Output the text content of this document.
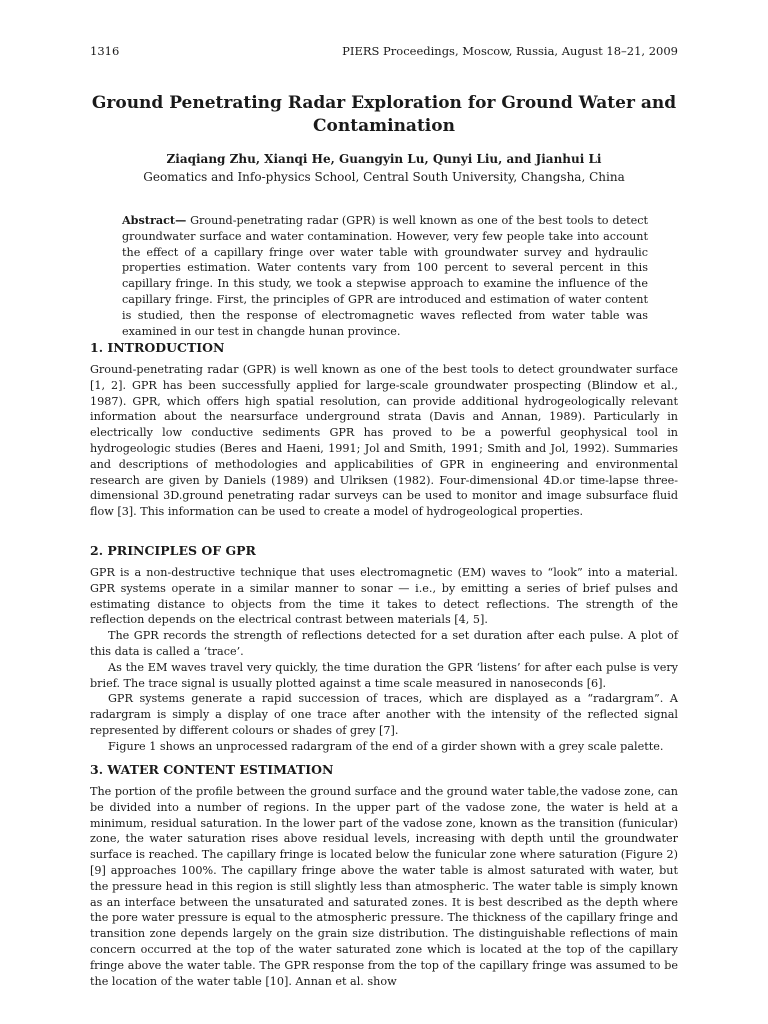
1316	PIERS Proceedings, Moscow, Russia, August 18–21, 2009
Ground Penetrating Radar Exploration for Ground Water and Contamination
Ziaqiang Zhu, Xianqi He, Guangyin Lu, Qunyi Liu, and Jianhui Li
Geomatics and Info-physics School, Central South University, Changsha, China

Abstract— Ground-penetrating radar (GPR) is well known as one of the best tools to detect groundwater surface and water contamination. However, very few people take into account the effect of a capillary fringe over water table with groundwater survey and hydraulic properties estimation. Water contents vary from 100 percent to several percent in this capillary fringe. In this study, we took a stepwise approach to examine the influence of the capillary fringe. First, the principles of GPR are introduced and estimation of water content is studied, then the response of electromagnetic waves reflected from water table was examined in our test in changde hunan province.

1. INTRODUCTION

Ground-penetrating radar (GPR) is well known as one of the best tools to detect groundwater surface [1, 2]. GPR has been successfully applied for large-scale groundwater prospecting (Blindow et al., 1987). GPR, which offers high spatial resolution, can provide additional hydrogeologically relevant information about the nearsurface underground strata (Davis and Annan, 1989). Particularly in electrically low conductive sediments GPR has proved to be a powerful geophysical tool in hydrogeologic studies (Beres and Haeni, 1991; Jol and Smith, 1991; Smith and Jol, 1992). Summaries and descriptions of methodologies and applicabilities of GPR in engineering and environmental research are given by Daniels (1989) and Ulriksen (1982). Four-dimensional 4D.or time-lapse three- dimensional 3D.ground penetrating radar surveys can be used to monitor and image subsurface fluid flow [3]. This information can be used to create a model of hydrogeological properties.

2. PRINCIPLES OF GPR

GPR is a non-destructive technique that uses electromagnetic (EM) waves to “look” into a material. GPR systems operate in a similar manner to sonar — i.e., by emitting a series of brief pulses and estimating distance to objects from the time it takes to detect reflections. The strength of the reflection depends on the electrical contrast between materials [4, 5].

The GPR records the strength of reflections detected for a set duration after each pulse. A plot of this data is called a ‘trace’.

As the EM waves travel very quickly, the time duration the GPR ‘listens’ for after each pulse is very brief. The trace signal is usually plotted against a time scale measured in nanoseconds [6].

GPR systems generate a rapid succession of traces, which are displayed as a “radargram”. A radargram is simply a display of one trace after another with the intensity of the reflected signal represented by different colours or shades of grey [7].

Figure 1 shows an unprocessed radargram of the end of a girder shown with a grey scale palette.

3. WATER CONTENT ESTIMATION

The portion of the profile between the ground surface and the ground water table,the vadose zone, can be divided into a number of regions. In the upper part of the vadose zone, the water is held at a minimum, residual saturation. In the lower part of the vadose zone, known as the transition (funicular) zone, the water saturation rises above residual levels, increasing with depth until the groundwater surface is reached. The capillary fringe is located below the funicular zone where saturation (Figure 2) [9] approaches 100%. The capillary fringe above the water table is almost saturated with water, but the pressure head in this region is still slightly less than atmospheric. The water table is simply known as an interface between the unsaturated and saturated zones. It is best described as the depth where the pore water pressure is equal to the atmospheric pressure. The thickness of the capillary fringe and transition zone depends largely on the grain size distribution. The distinguishable reflections of main concern occurred at the top of the water saturated zone which is located at the top of the capillary fringe above the water table. The GPR response from the top of the capillary fringe was assumed to be the location of the water table [10]. Annan et al. show
